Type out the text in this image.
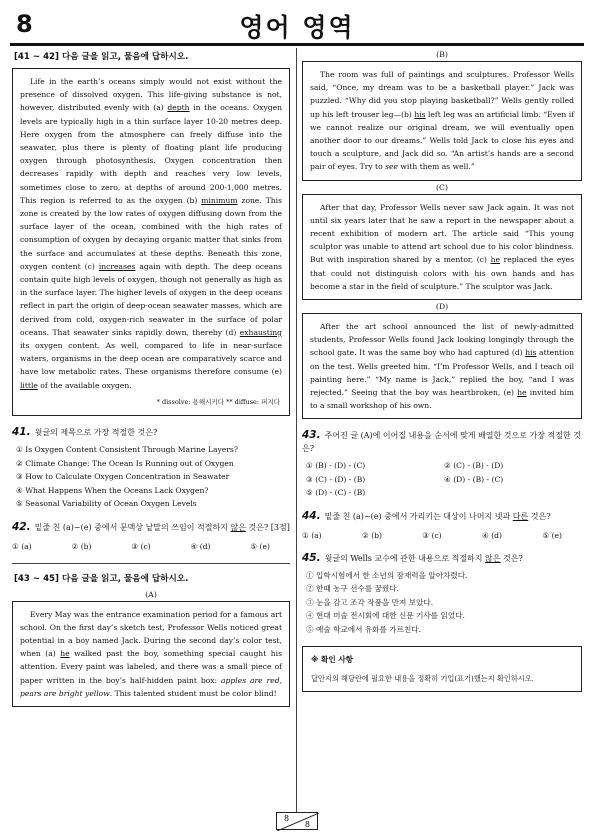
8	영어 영역
[41 ~ 42] 다음 글을 읽고, 물음에 답하시오.

Life in the earth’s oceans simply would not exist without the presence of dissolved oxygen. This life-giving substance is not, however, distributed evenly with (a) depth in the oceans. Oxygen levels are typically high in a thin surface layer 10-20 metres deep. Here oxygen from the atmosphere can freely diffuse into the seawater, plus there is plenty of floating plant life producing oxygen through photosynthesis. Oxygen concentration then decreases rapidly with depth and reaches very low levels, sometimes close to zero, at depths of around 200-1,000 metres. This region is referred to as the oxygen (b) minimum zone. This zone is created by the low rates of oxygen diffusing down from the surface layer of the ocean, combined with the high rates of consumption of oxygen by decaying organic matter that sinks from the surface and accumulates at these depths. Beneath this zone, oxygen content (c) increases again with depth. The deep oceans contain quite high levels of oxygen, though not generally as high as in the surface layer. The higher levels of oxygen in the deep oceans reflect in part the origin of deep-ocean seawater masses, which are derived from cold, oxygen-rich seawater in the surface of polar oceans. That seawater sinks rapidly down, thereby (d) exhausting its oxygen content. As well, compared to life in near-surface waters, organisms in the deep ocean are comparatively scarce and have low metabolic rates. These organisms therefore consume (e) little of the available oxygen.

* dissolve: 용해시키다 ** diffuse: 퍼지다
41. 윗글의 제목으로 가장 적절한 것은?
① Is Oxygen Content Consistent Through Marine Layers?
② Climate Change: The Ocean Is Running out of Oxygen
③ How to Calculate Oxygen Concentration in Seawater
④ What Happens When the Oceans Lack Oxygen?
⑤ Seasonal Variability of Ocean Oxygen Levels
42. 밑줄 친 (a)~(e) 중에서 문맥상 낱말의 쓰임이 적절하지 않은 것은? [3점]
① (a)	② (b)	③ (c)	④ (d)	⑤ (e)
[43 ~ 45] 다음 글을 읽고, 물음에 답하시오.
(A)

Every May was the entrance examination period for a famous art school. On the first day’s sketch test, Professor Wells noticed great potential in a boy named Jack. During the second day’s color test, when (a) he walked past the boy, something special caught his attention. Every paint was labeled, and there was a small piece of paper written in the boy’s half-hidden paint box: apples are red, pears are bright yellow. This talented student must be color blind!

(B)

The room was full of paintings and sculptures. Professor Wells said, “Once, my dream was to be a basketball player.” Jack was puzzled. “Why did you stop playing basketball?” Wells gently rolled up his left trouser leg—(b) his left leg was an artificial limb. “Even if we cannot realize our original dream, we will eventually open another door to our dreams.” Wells told Jack to close his eyes and touch a sculpture, and Jack did so. “An artist’s hands are a second pair of eyes. Try to see with them as well.”

(C)

After that day, Professor Wells never saw Jack again. It was not until six years later that he saw a report in the newspaper about a recent exhibition of modern art. The article said “This young sculptor was unable to attend art school due to his color blindness. But with inspiration shared by a mentor, (c) he replaced the eyes that could not distinguish colors with his own hands and has become a star in the field of sculpture.” The sculptor was Jack.

(D)

After the art school announced the list of newly-admitted students, Professor Wells found Jack looking longingly through the school gate. It was the same boy who had captured (d) his attention on the test. Wells greeted him. “I’m Professor Wells, and I teach oil painting here.” “My name is Jack,” replied the boy, “and I was rejected.” Seeing that the boy was heartbroken, (e) he invited him to a small workshop of his own.

43. 주어진 글 (A)에 이어질 내용을 순서에 맞게 배열한 것으로 가장 적절한 것은?
① (B) - (D) - (C)	② (C) - (B) - (D)
③ (C) - (D) - (B)	④ (D) - (B) - (C)
⑤ (D) - (C) - (B)
44. 밑줄 친 (a)~(e) 중에서 가리키는 대상이 나머지 넷과 다른 것은?
① (a)	② (b)	③ (c)	④ (d)	⑤ (e)
45. 윗글의 Wells 교수에 관한 내용으로 적절하지 않은 것은?
① 입학시험에서 한 소년의 잠재력을 알아차렸다.
② 한때 농구 선수를 꿈꿨다.
③ 눈을 감고 조각 작품을 만져 보았다.
④ 현대 미술 전시회에 대한 신문 기사를 읽었다.
⑤ 예술 학교에서 유화를 가르친다.
※ 확인 사항
답안지의 해당란에 필요한 내용을 정확히 기입(표기)했는지 확인하시오.
8
8
